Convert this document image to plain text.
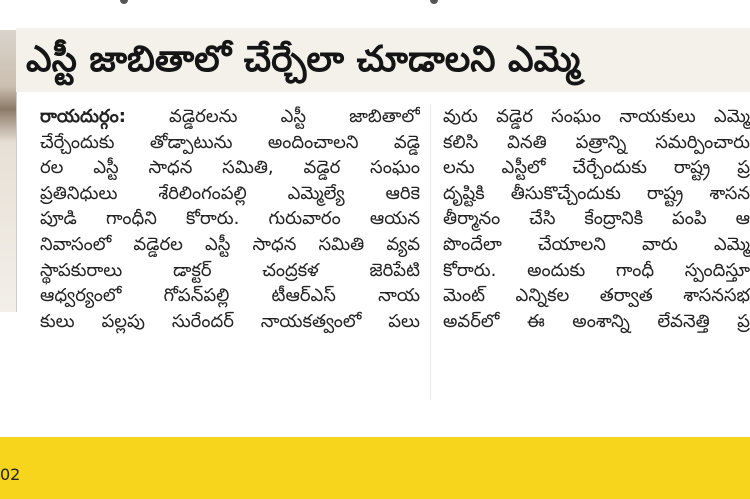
ఎస్టీ జాబితాలో చేర్చేలా చూడాలని ఎమ్మె
రాయదుర్గం: వడ్డెరలను ఎస్టీ జాబితాలో
చేర్చేందుకు తోడ్పాటును అందించాలని వడ్డె
రల ఎస్టీ సాధన సమితి, వడ్డెర సంఘం
ప్రతినిధులు శేరిలింగంపల్లి ఎమ్మెల్యే ఆరికె
పూడి గాంధీని కోరారు. గురువారం ఆయన
నివాసంలో వడ్డెరల ఎస్టీ సాధన సమితి వ్యవ
స్థాపకురాలు డాక్టర్ చంద్రకళ జెరిపేటి
ఆధ్వర్యంలో గోపన్‌పల్లి టీఆర్ఎస్ నాయ
కులు పల్లపు సురేందర్ నాయకత్వంలో పలు
వురు వడ్డెర సంఘం నాయకులు ఎమ్మె
కలిసి వినతి పత్రాన్ని సమర్పించారు
లను ఎస్టీలో చేర్చేందుకు రాష్ట్ర ప్ర
దృష్టికి తీసుకొచ్చేందుకు రాష్ట్ర శాసన
తీర్మానం చేసి కేంద్రానికి పంపి ఆ
పొందేలా చేయాలని వారు ఎమ్మె
కోరారు. అందుకు గాంధీ స్పందిస్తూ
మెంట్ ఎన్నికల తర్వాత శాసనసభ
అవర్‌లో ఈ అంశాన్ని లేవనెత్తి ప్ర
02
